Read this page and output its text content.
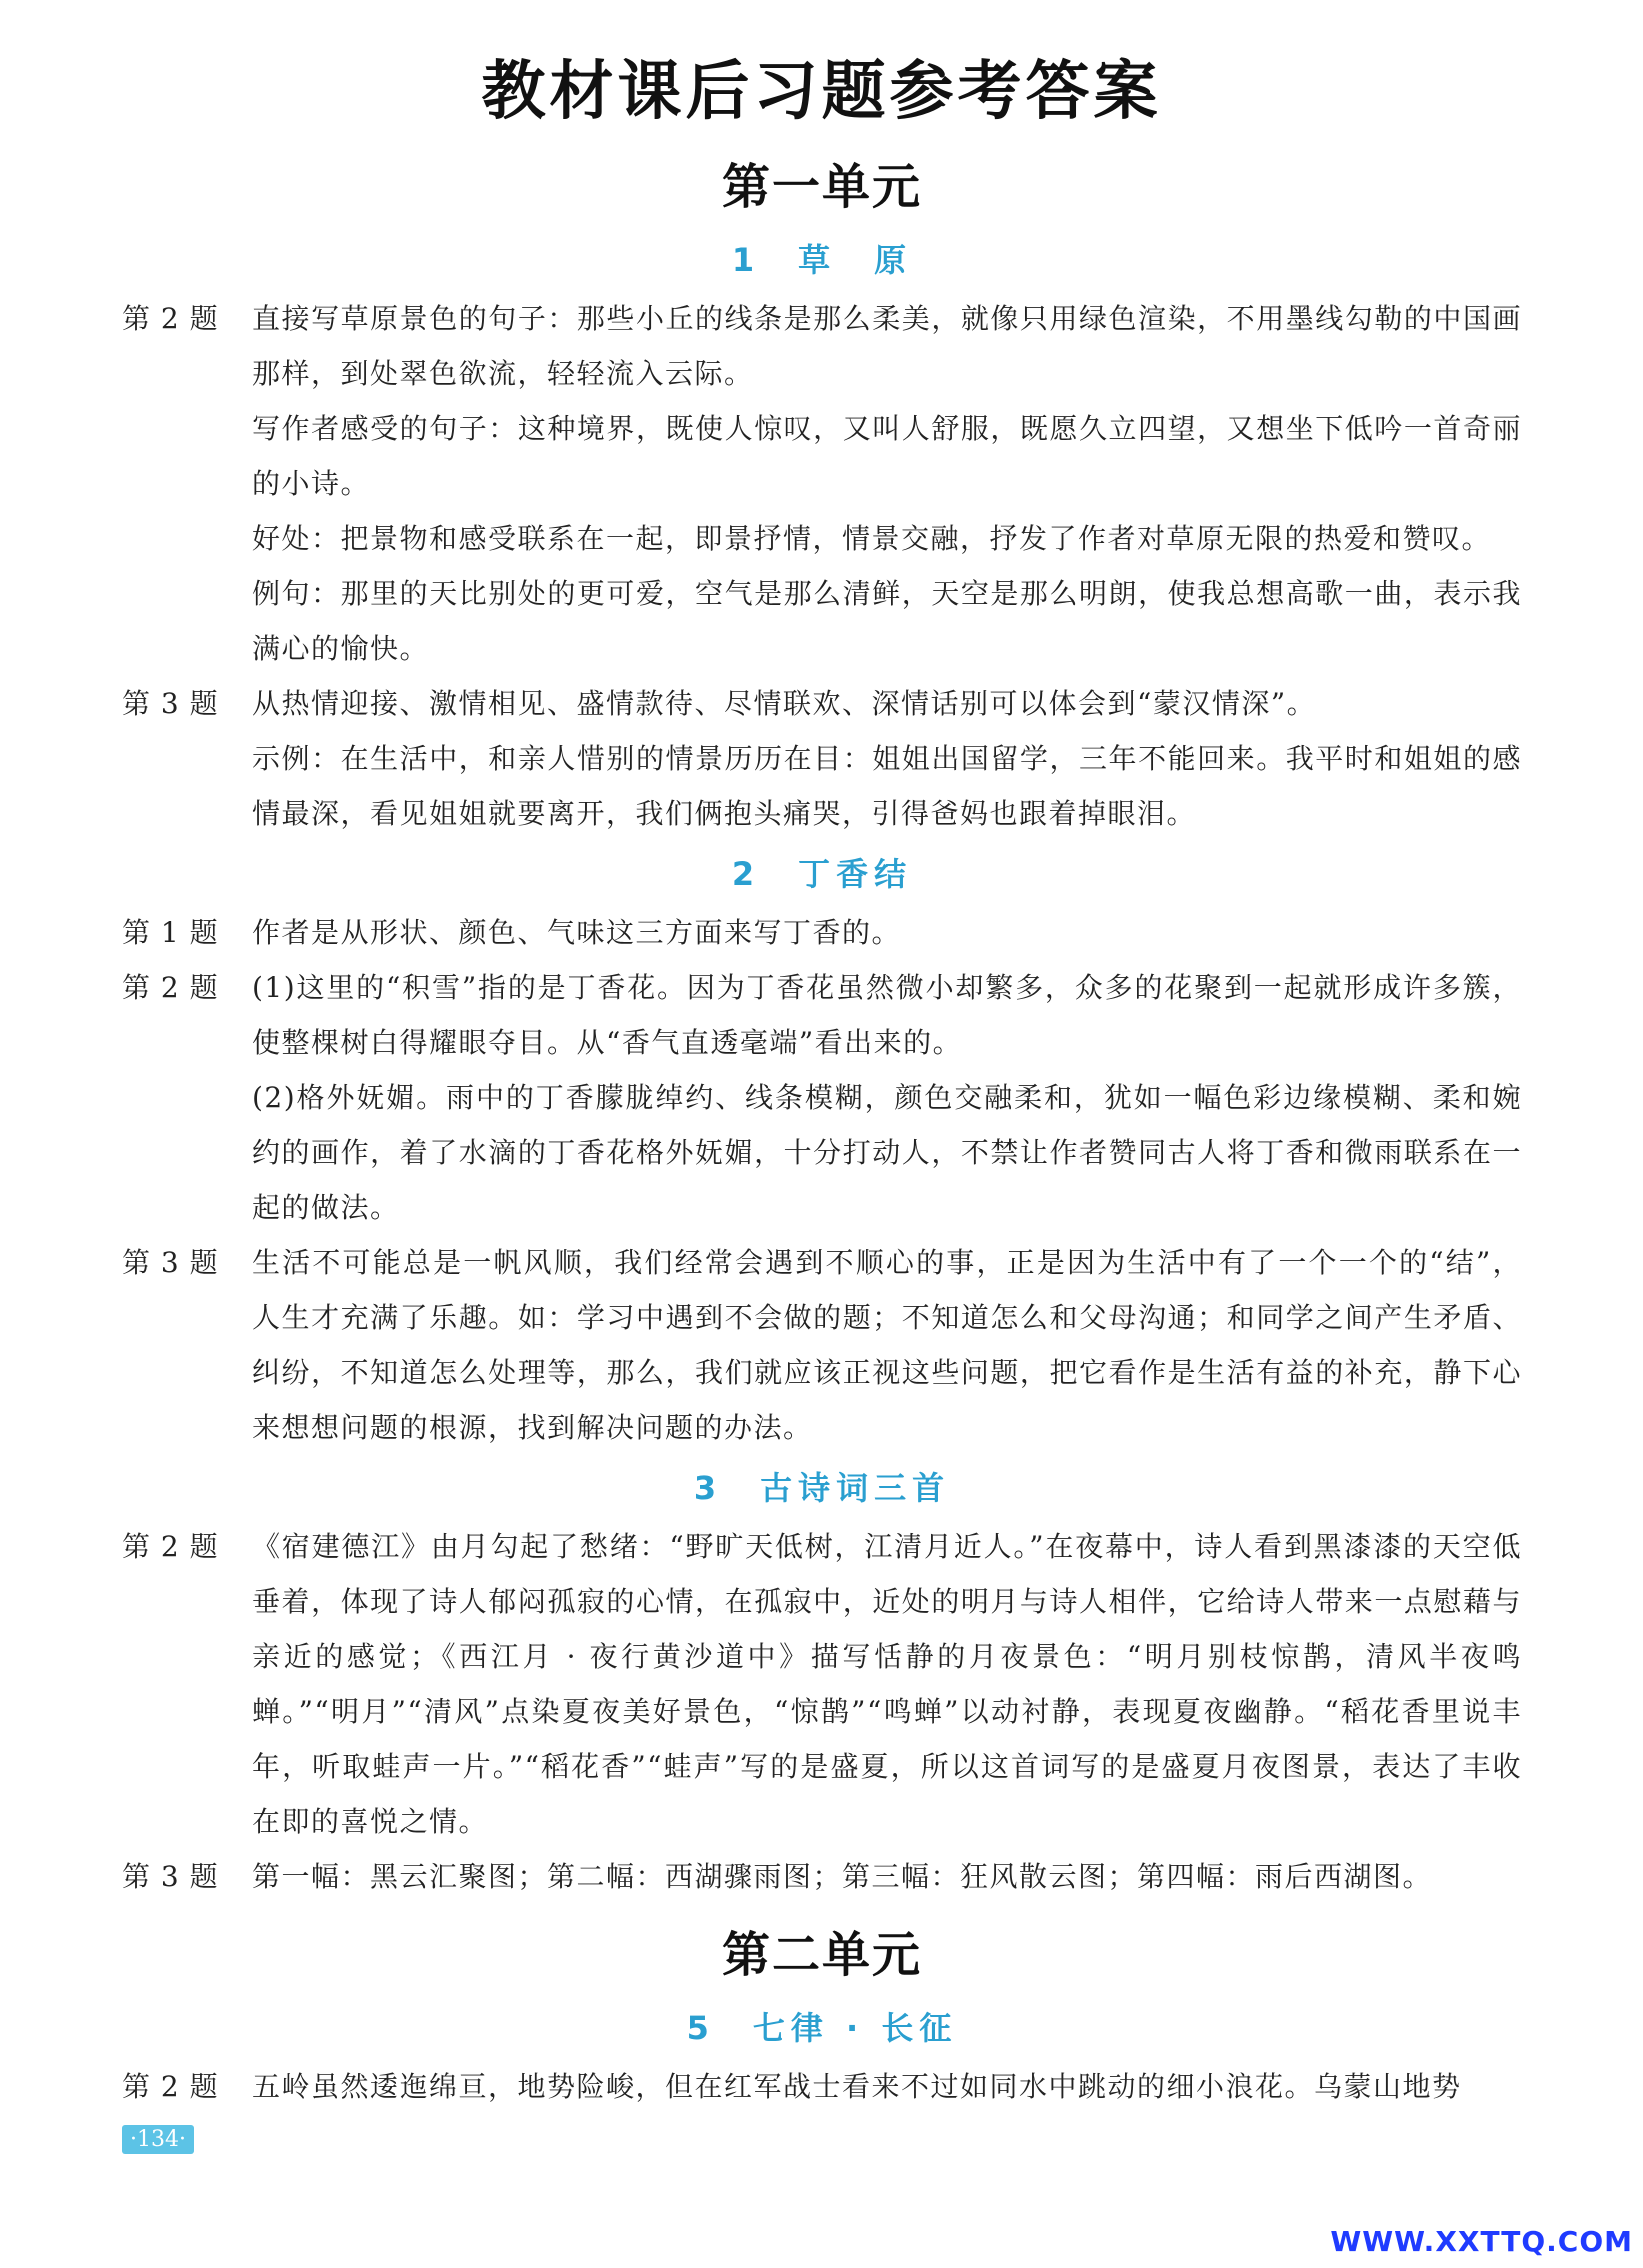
教材课后习题参考答案
第一单元
1　草　原
第 2 题	直接写草原景色的句子：那些小丘的线条是那么柔美，就像只用绿色渲染，不用墨线勾勒的中国画那样，到处翠色欲流，轻轻流入云际。

写作者感受的句子：这种境界，既使人惊叹，又叫人舒服，既愿久立四望，又想坐下低吟一首奇丽的小诗。

好处：把景物和感受联系在一起，即景抒情，情景交融，抒发了作者对草原无限的热爱和赞叹。

例句：那里的天比别处的更可爱，空气是那么清鲜，天空是那么明朗，使我总想高歌一曲，表示我满心的愉快。

第 3 题	从热情迎接、激情相见、盛情款待、尽情联欢、深情话别可以体会到“蒙汉情深”。

示例：在生活中，和亲人惜别的情景历历在目：姐姐出国留学，三年不能回来。我平时和姐姐的感情最深，看见姐姐就要离开，我们俩抱头痛哭，引得爸妈也跟着掉眼泪。

2　丁香结
第 1 题	作者是从形状、颜色、气味这三方面来写丁香的。

第 2 题	(1)这里的“积雪”指的是丁香花。因为丁香花虽然微小却繁多，众多的花聚到一起就形成许多簇，使整棵树白得耀眼夺目。从“香气直透毫端”看出来的。

(2)格外妩媚。雨中的丁香朦胧绰约、线条模糊，颜色交融柔和，犹如一幅色彩边缘模糊、柔和婉约的画作，着了水滴的丁香花格外妩媚，十分打动人，不禁让作者赞同古人将丁香和微雨联系在一起的做法。

第 3 题	生活不可能总是一帆风顺，我们经常会遇到不顺心的事，正是因为生活中有了一个一个的“结”，人生才充满了乐趣。如：学习中遇到不会做的题；不知道怎么和父母沟通；和同学之间产生矛盾、纠纷，不知道怎么处理等，那么，我们就应该正视这些问题，把它看作是生活有益的补充，静下心来想想问题的根源，找到解决问题的办法。

3　古诗词三首
第 2 题	《宿建德江》由月勾起了愁绪：“野旷天低树，江清月近人。”在夜幕中，诗人看到黑漆漆的天空低垂着，体现了诗人郁闷孤寂的心情，在孤寂中，近处的明月与诗人相伴，它给诗人带来一点慰藉与亲近的感觉；《西江月 · 夜行黄沙道中》描写恬静的月夜景色：“明月别枝惊鹊，清风半夜鸣蝉。”“明月”“清风”点染夏夜美好景色，“惊鹊”“鸣蝉”以动衬静，表现夏夜幽静。“稻花香里说丰年，听取蛙声一片。”“稻花香”“蛙声”写的是盛夏，所以这首词写的是盛夏月夜图景，表达了丰收在即的喜悦之情。

第 3 题	第一幅：黑云汇聚图；第二幅：西湖骤雨图；第三幅：狂风散云图；第四幅：雨后西湖图。

第二单元
5　七律 · 长征
第 2 题	五岭虽然逶迤绵亘，地势险峻，但在红军战士看来不过如同水中跳动的细小浪花。乌蒙山地势

·134·
WWW.XXTTQ.COM
